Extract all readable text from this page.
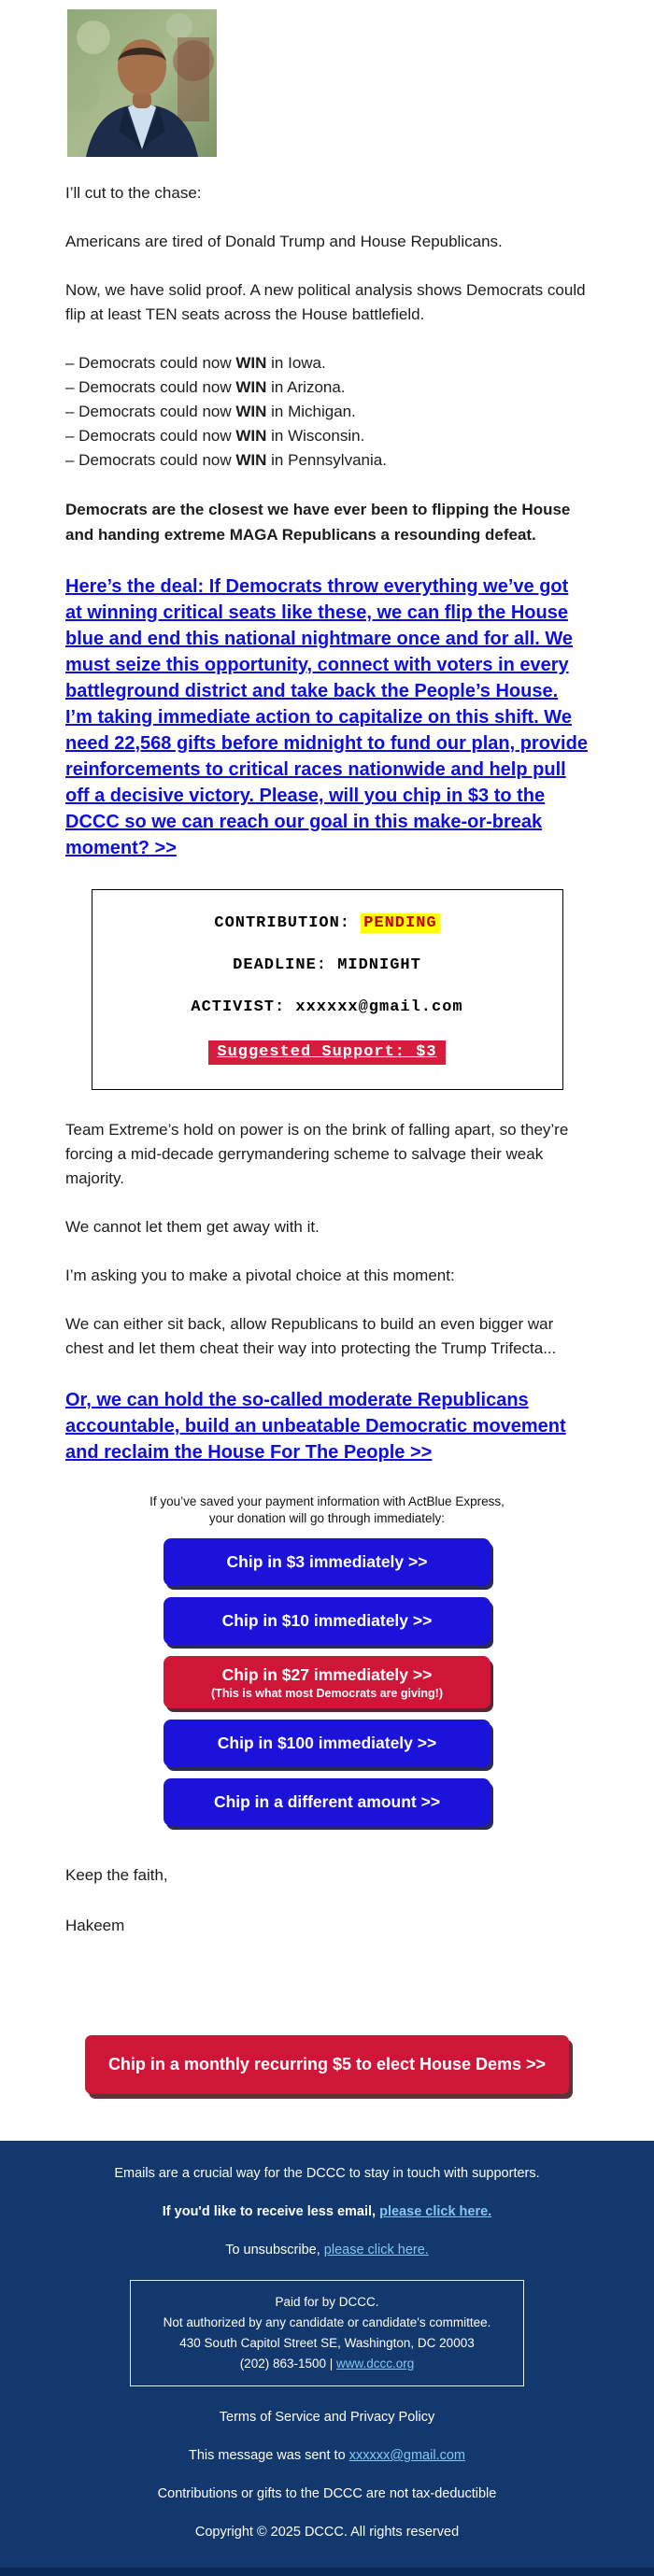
I’ll cut to the chase:

Americans are tired of Donald Trump and House Republicans.

Now, we have solid proof. A new political analysis shows Democrats could flip at least TEN seats across the House battlefield.

– Democrats could now WIN in Iowa.
– Democrats could now WIN in Arizona.
– Democrats could now WIN in Michigan.
– Democrats could now WIN in Wisconsin.
– Democrats could now WIN in Pennsylvania.

Democrats are the closest we have ever been to flipping the House and handing extreme MAGA Republicans a resounding defeat.

Here’s the deal: If Democrats throw everything we’ve got at winning critical seats like these, we can flip the House blue and end this national nightmare once and for all. We must seize this opportunity, connect with voters in every battleground district and take back the People’s House. I’m taking immediate action to capitalize on this shift. We need 22,568 gifts before midnight to fund our plan, provide reinforcements to critical races nationwide and help pull off a decisive victory. Please, will you chip in $3 to the DCCC so we can reach our goal in this make-or-break moment? >>
CONTRIBUTION: PENDING
DEADLINE: MIDNIGHT
ACTIVIST: xxxxxx@gmail.com
Suggested Support: $3

Team Extreme’s hold on power is on the brink of falling apart, so they’re forcing a mid-decade gerrymandering scheme to salvage their weak majority.

We cannot let them get away with it.

I’m asking you to make a pivotal choice at this moment:

We can either sit back, allow Republicans to build an even bigger war chest and let them cheat their way into protecting the Trump Trifecta...

Or, we can hold the so-called moderate Republicans accountable, build an unbeatable Democratic movement and reclaim the House For The People >>
If you’ve saved your payment information with ActBlue Express,
your donation will go through immediately:
Chip in $3 immediately >>
Chip in $10 immediately >>
Chip in $27 immediately >>
(This is what most Democrats are giving!)
Chip in $100 immediately >>
Chip in a different amount >>

Keep the faith,

Hakeem

Chip in a monthly recurring $5 to elect House Dems >>

Emails are a crucial way for the DCCC to stay in touch with supporters.

If you'd like to receive less email, please click here.

To unsubscribe, please click here.

Paid for by DCCC.
Not authorized by any candidate or candidate's committee.
430 South Capitol Street SE, Washington, DC 20003
(202) 863-1500 | www.dccc.org

Terms of Service and Privacy Policy

This message was sent to xxxxxx@gmail.com

Contributions or gifts to the DCCC are not tax-deductible

Copyright © 2025 DCCC. All rights reserved
